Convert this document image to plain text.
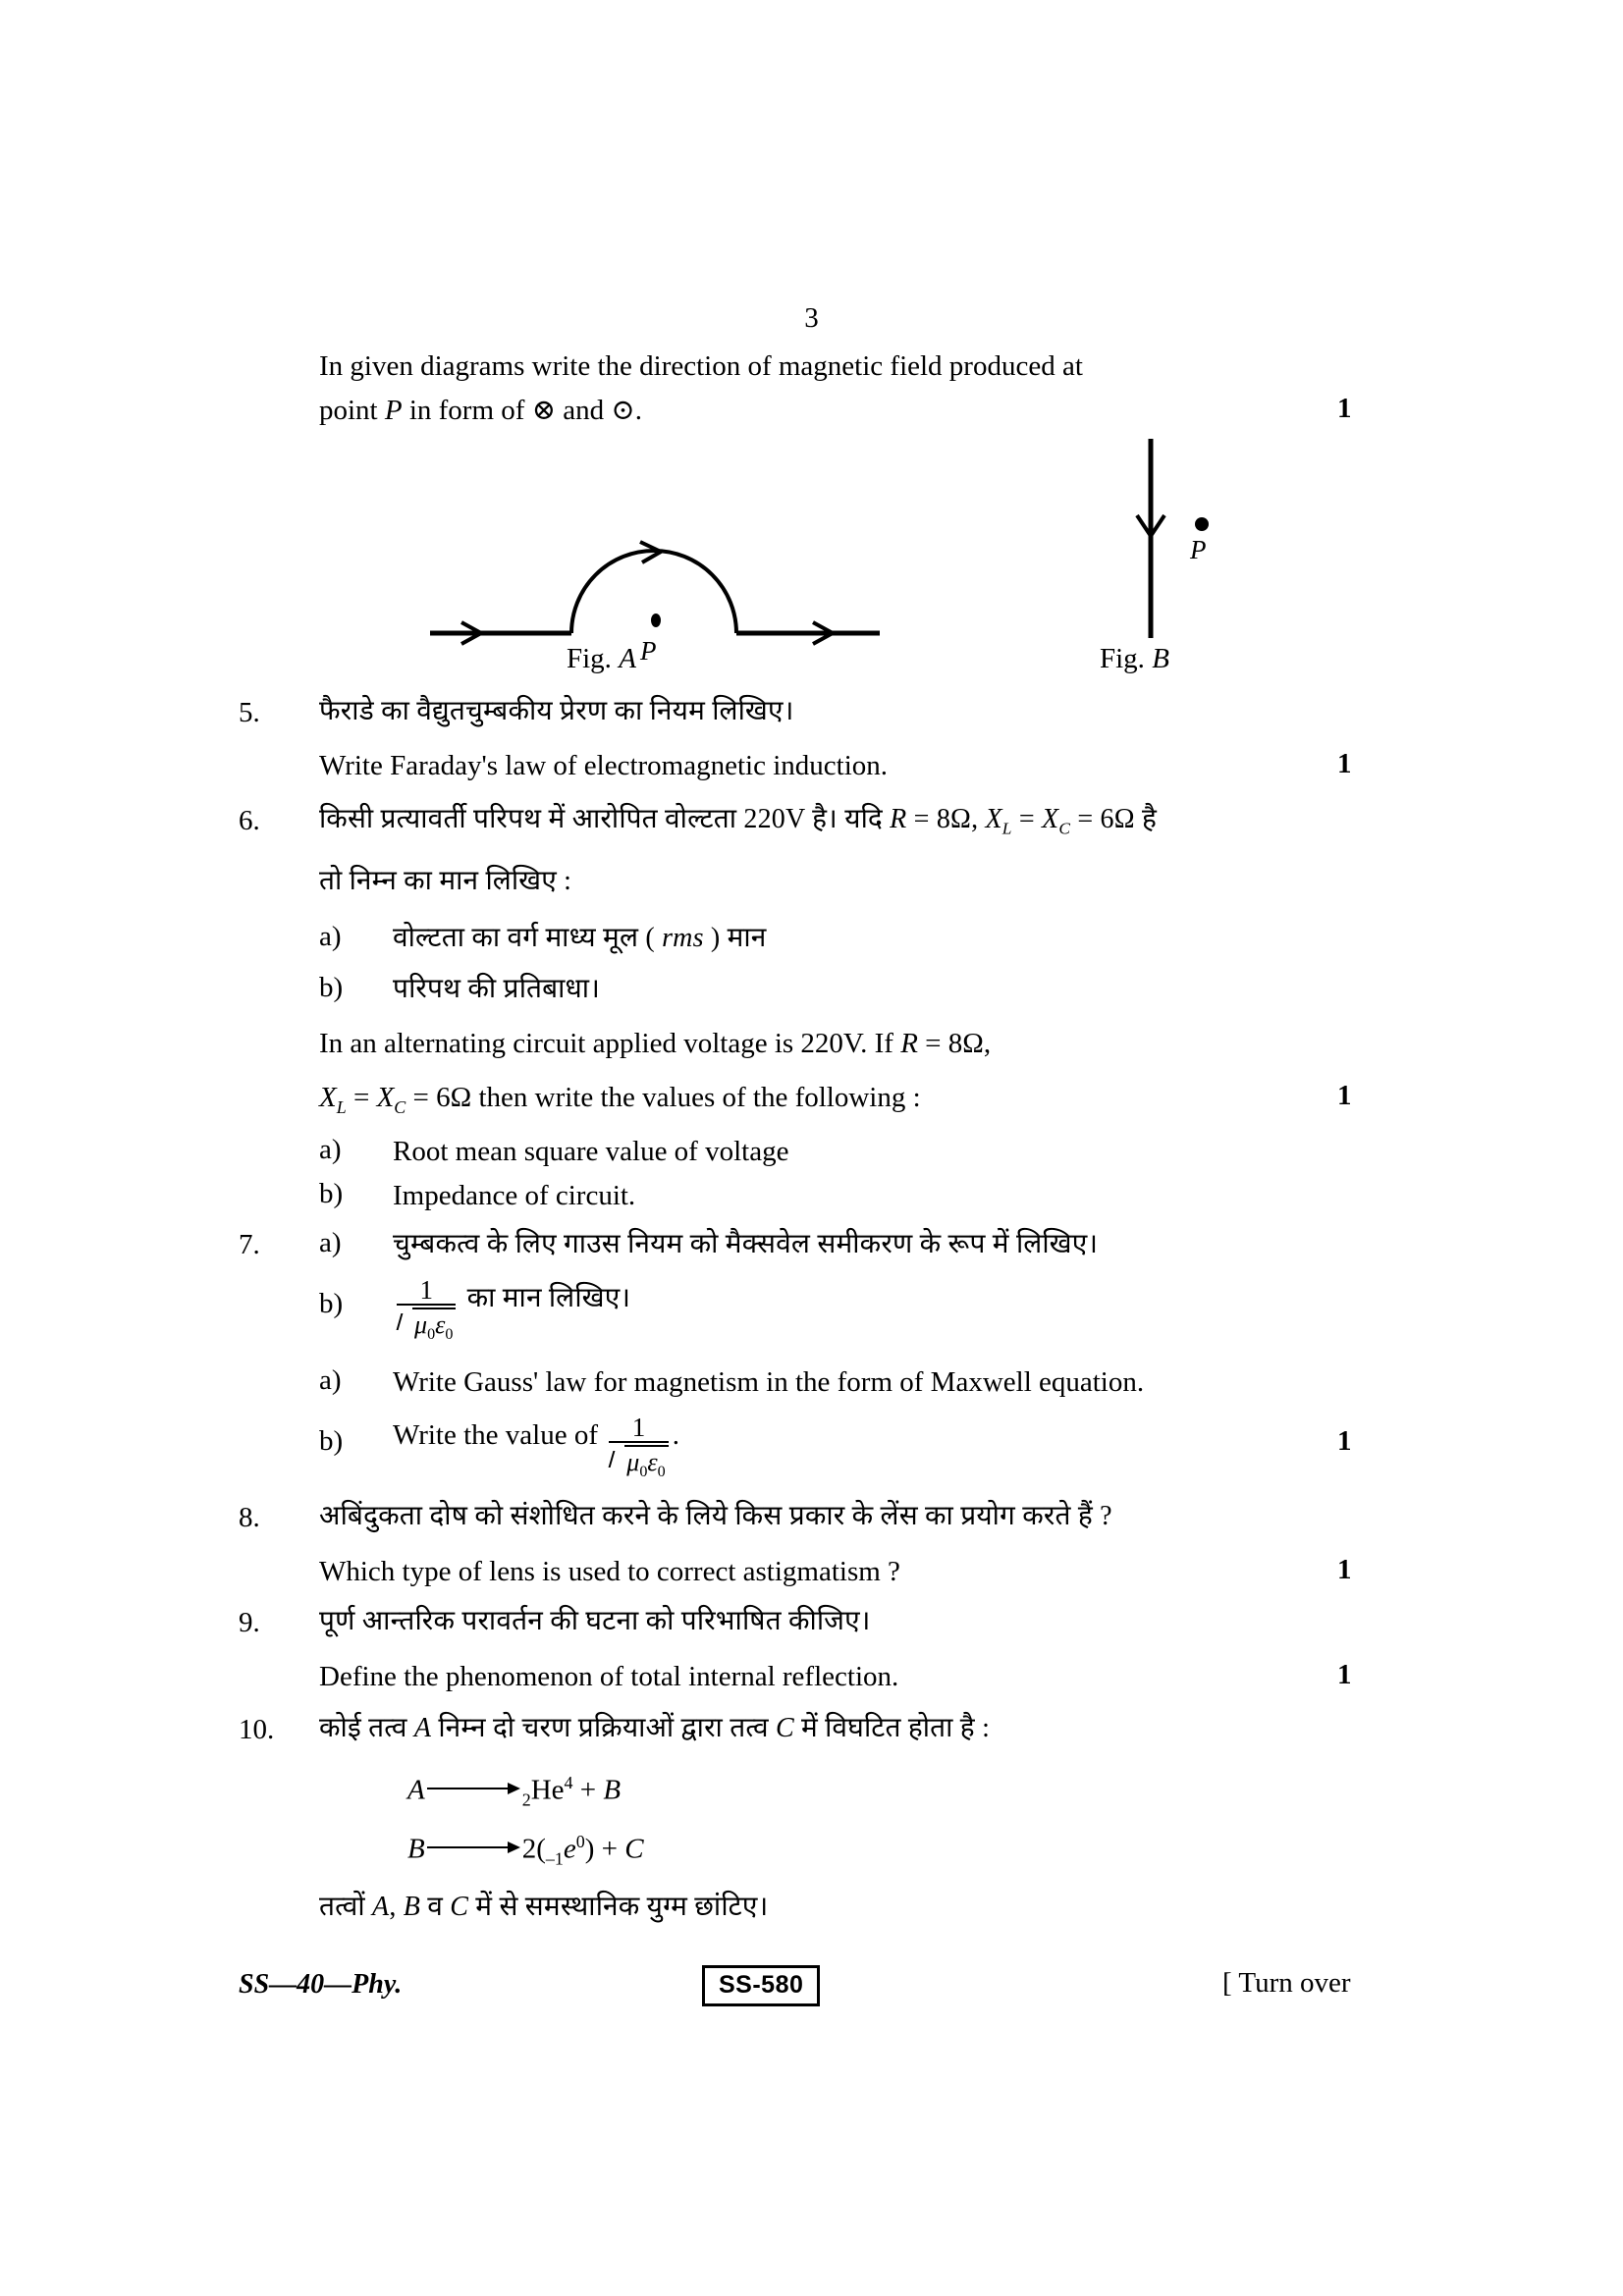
3
In given diagrams write the direction of magnetic field produced at
point P in form of ⊗ and ⊙.	1
P
Fig. A
P
Fig. B
5.	फैराडे का वैद्युतचुम्बकीय प्रेरण का नियम लिखिए।
Write Faraday's law of electromagnetic induction.	1
6.	किसी प्रत्यावर्ती परिपथ में आरोपित वोल्टता 220V है। यदि R = 8Ω, $X_L = X_C = 6\Omega$ है
तो निम्न का मान लिखिए :
a)	वोल्टता का वर्ग माध्य मूल ( rms ) मान
b)	परिपथ की प्रतिबाधा।
In an alternating circuit applied voltage is 220V. If R = 8Ω,
$X_L = X_C = 6\Omega$ then write the values of the following :	1
a)	Root mean square value of voltage
b)	Impedance of circuit.
7.	a)	चुम्बकत्व के लिए गाउस नियम को मैक्सवेल समीकरण के रूप में लिखिए।
b)	$\frac{1}{\mu_0\varepsilon_0}$ का मान लिखिए।
a)	Write Gauss' law for magnetism in the form of Maxwell equation.
b)	Write the value of $\frac{1}{\mu_0\varepsilon_0}$ .	1
8.	अबिंदुकता दोष को संशोधित करने के लिये किस प्रकार के लेंस का प्रयोग करते हैं ?
Which type of lens is used to correct astigmatism ?	1
9.	पूर्ण आन्तरिक परावर्तन की घटना को परिभाषित कीजिए।
Define the phenomenon of total internal reflection.	1
10.	कोई तत्व A निम्न दो चरण प्रक्रियाओं द्वारा तत्व C में विघटित होता है :
A	$_2He^4 + B$
B	$2(_{-1}e^0) + C$
तत्वों A, B व C में से समस्थानिक युग्म छांटिए।
SS—40—Phy.	SS-580	[ Turn over
